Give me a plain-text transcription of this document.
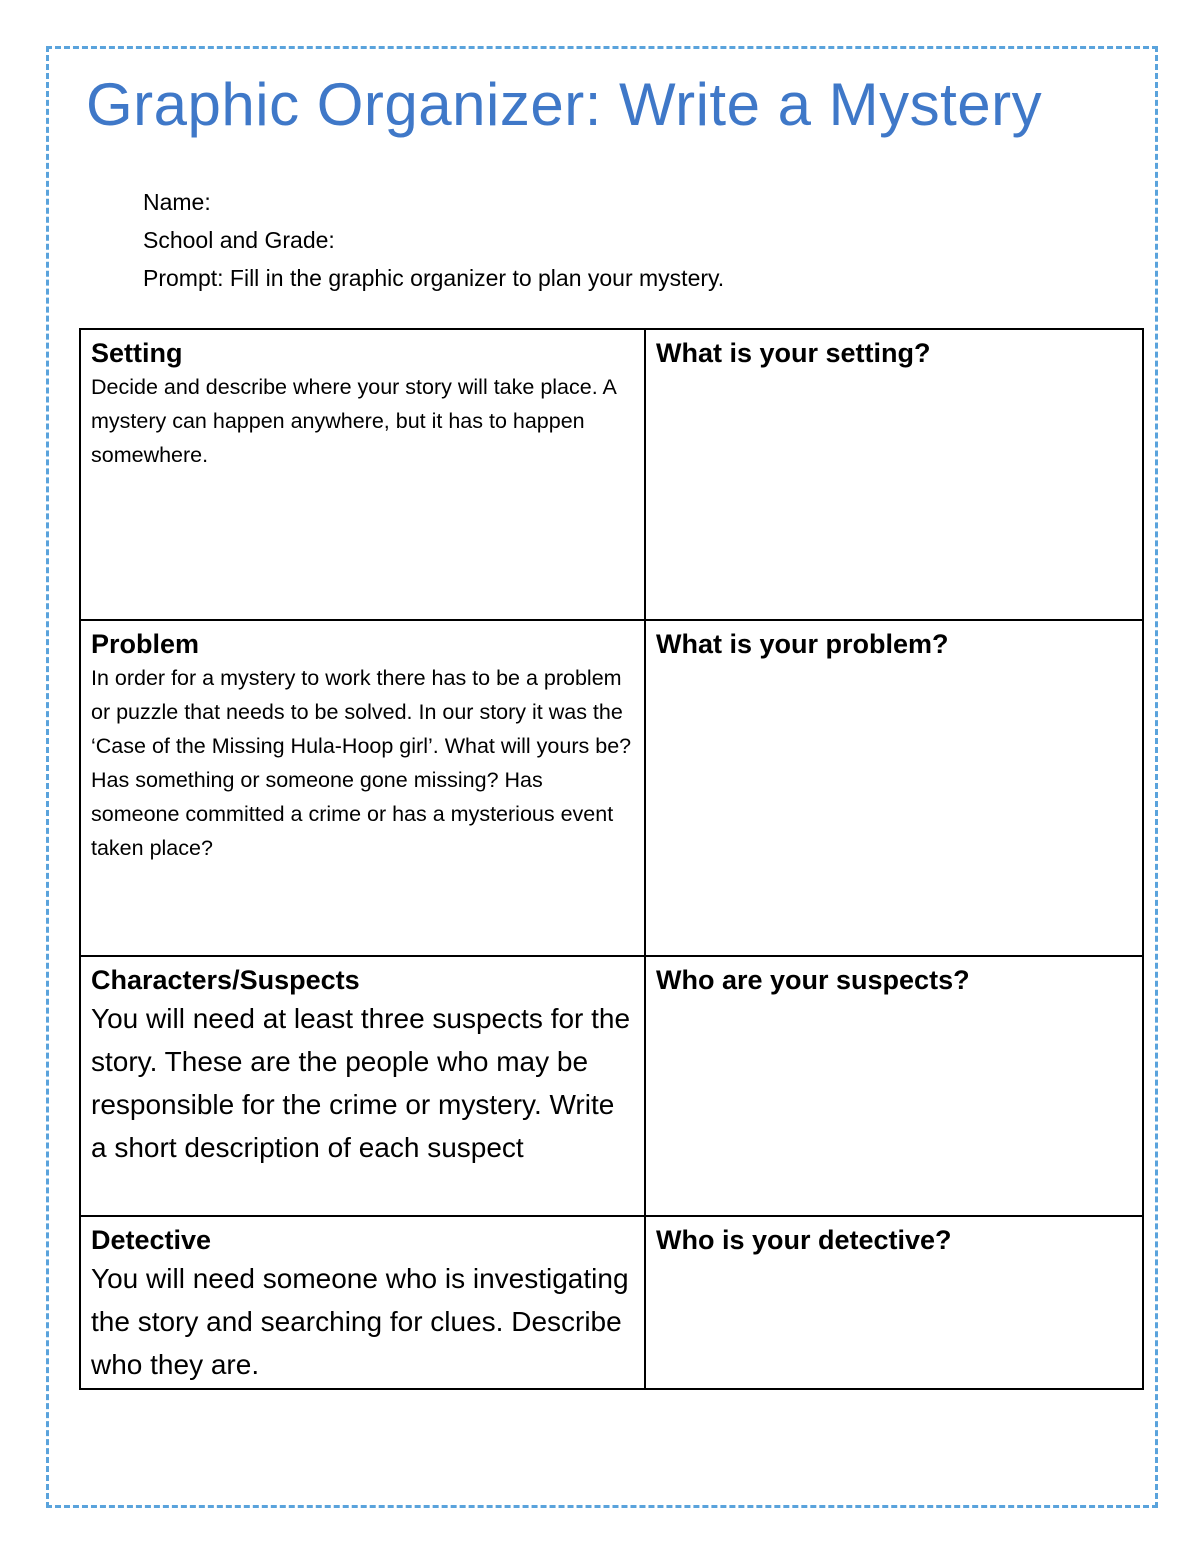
Graphic Organizer: Write a Mystery
Name:
School and Grade:
Prompt: Fill in the graphic organizer to plan your mystery.
Setting
Decide and describe where your story will take place. A mystery can happen anywhere, but it has to happen somewhere.	What is your setting?

Problem
In order for a mystery to work there has to be a problem or puzzle that needs to be solved. In our story it was the ‘Case of the Missing Hula-Hoop girl’. What will yours be? Has something or someone gone missing? Has someone committed a crime or has a mysterious event taken place?	What is your problem?

Characters/Suspects
You will need at least three suspects for the story. These are the people who may be responsible for the crime or mystery. Write a short description of each suspect	Who are your suspects?

Detective
You will need someone who is investigating the story and searching for clues. Describe who they are.	Who is your detective?
